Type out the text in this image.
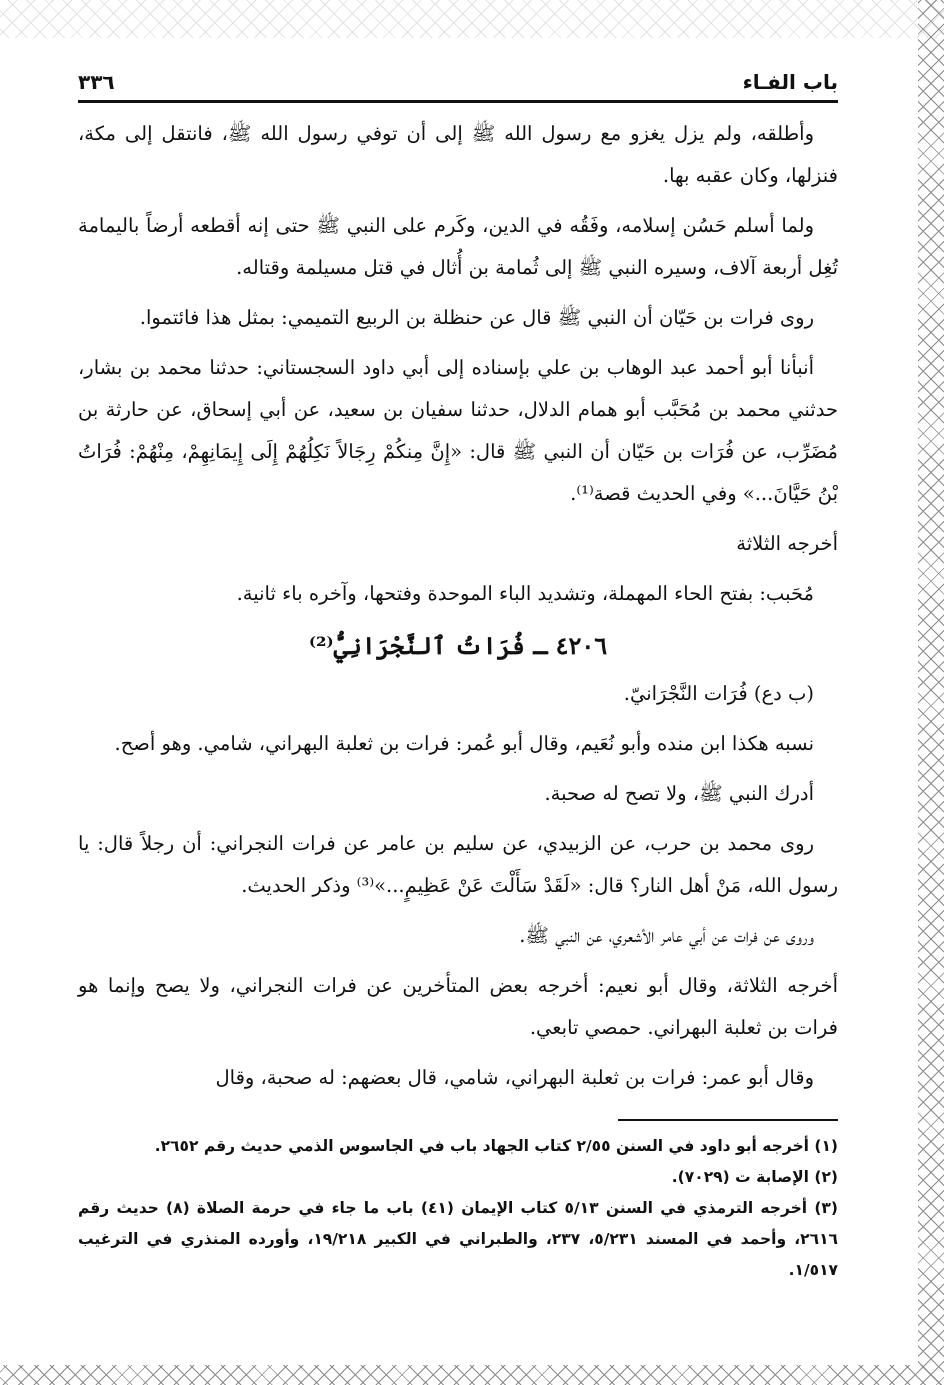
باب الفـاء
٣٣٦

وأطلقه، ولم يزل يغزو مع رسول الله ﷺ إلى أن توفي رسول الله ﷺ، فانتقل إلى مكة، فنزلها، وكان عقبه بها.

ولما أسلم حَسُن إسلامه، وفَقُه في الدين، وكَرم على النبي ﷺ حتى إنه أقطعه أرضاً باليمامة تُغِل أربعة آلاف، وسيره النبي ﷺ إلى ثُمامة بن أُثال في قتل مسيلمة وقتاله.

روى فرات بن حَيّان أن النبي ﷺ قال عن حنظلة بن الربيع التميمي: بمثل هذا فائتموا.

أنبأنا أبو أحمد عبد الوهاب بن علي بإسناده إلى أبي داود السجستاني: حدثنا محمد بن بشار، حدثني محمد بن مُحَبَّب أبو همام الدلال، حدثنا سفيان بن سعيد، عن أبي إسحاق، عن حارثة بن مُضَرِّب، عن فُرَات بن حَيّان أن النبي ﷺ قال: «إِنَّ مِنكُمْ رِجَالاً نَكِلُهُمْ إِلَى إِيمَانِهِمْ، مِنْهُمْ: فُرَاتُ بْنُ حَيَّانَ...» وفي الحديث قصة⁽¹⁾.

أخرجه الثلاثة

مُحَبب: بفتح الحاء المهملة، وتشديد الباء الموحدة وفتحها، وآخره باء ثانية.

٤٢٠٦ ـ فُرَاتُ ٱلنَّجْرَانِيُّ⁽²⁾

(ب دع) فُرَات النَّجْرَانيّ.

نسبه هكذا ابن منده وأبو نُعَيم، وقال أبو عُمر: فرات بن ثعلبة البهراني، شامي. وهو أصح.

أدرك النبي ﷺ، ولا تصح له صحبة.

روى محمد بن حرب، عن الزبيدي، عن سليم بن عامر عن فرات النجراني: أن رجلاً قال: يا رسول الله، مَنْ أهل النار؟ قال: «لَقَدْ سَأَلْتَ عَنْ عَظِيمٍ...»⁽³⁾ وذكر الحديث.

وروى عن فرات عن أبي عامر الأشعري، عن النبي ﷺ.

أخرجه الثلاثة، وقال أبو نعيم: أخرجه بعض المتأخرين عن فرات النجراني، ولا يصح وإنما هو فرات بن ثعلبة البهراني. حمصي تابعي.

وقال أبو عمر: فرات بن ثعلبة البهراني، شامي، قال بعضهم: له صحبة، وقال

(١) أخرجه أبو داود في السنن ٢/٥٥ كتاب الجهاد باب في الجاسوس الذمي حديث رقم ٢٦٥٢.

(٢) الإصابة ت (٧٠٢٩).

(٣) أخرجه الترمذي في السنن ٥/١٣ كتاب الإيمان (٤١) باب ما جاء في حرمة الصلاة (٨) حديث رقم ٢٦١٦، وأحمد في المسند ٥/٢٣١، ٢٣٧، والطبراني في الكبير ١٩/٢١٨، وأورده المنذري في الترغيب ١/٥١٧.
